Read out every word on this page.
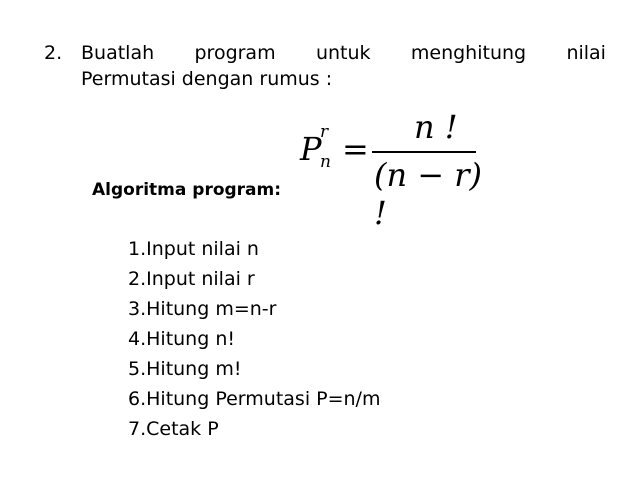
2. Buatlah program untuk menghitung nilai
Permutasi dengan rumus :
P
r
n =
n !
(n − r) !
Algoritma program:
1.Input nilai n
2.Input nilai r
3.Hitung m=n-r
4.Hitung n!
5.Hitung m!
6.Hitung Permutasi P=n/m
7.Cetak P
